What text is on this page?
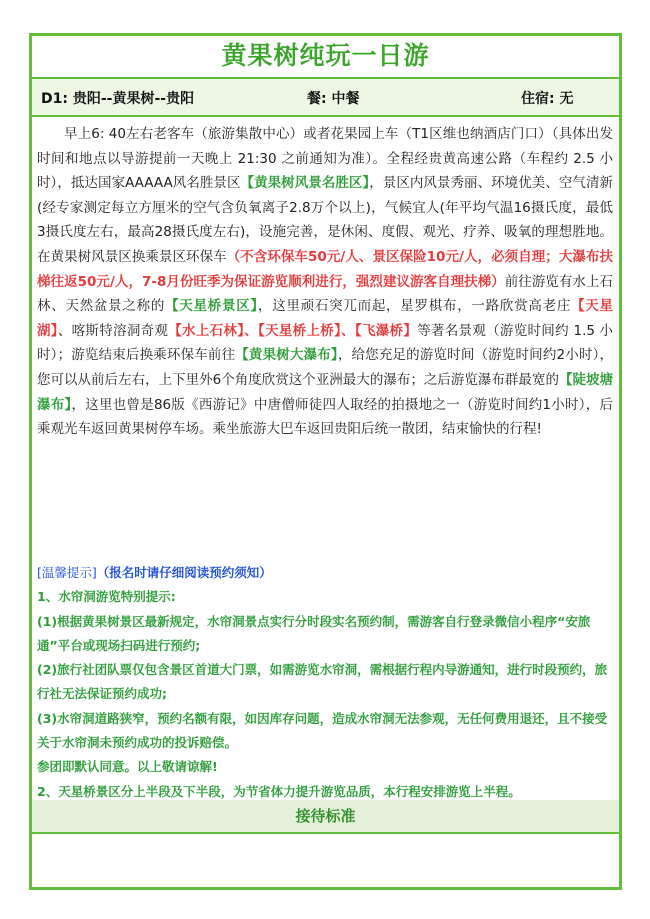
黄果树纯玩一日游
D1: 贵阳--黄果树--贵阳	餐: 中餐	住宿: 无

早上6: 40左右老客车（旅游集散中心）或者花果园上车（T1区维也纳酒店门口）（具体出发时间和地点以导游提前一天晚上 21:30 之前通知为准）。全程经贵黄高速公路（车程约 2.5 小时），抵达国家AAAAA风名胜景区【黄果树风景名胜区】，景区内风景秀丽、环境优美、空气清新(经专家测定每立方厘米的空气含负氧离子2.8万个以上)，气候宜人(年平均气温16摄氏度，最低3摄氏度左右，最高28摄氏度左右)，设施完善，是休闲、度假、观光、疗养、吸氧的理想胜地。在黄果树风景区换乘景区环保车（不含环保车50元/人、景区保险10元/人，必须自理；大瀑布扶梯往返50元/人，7-8月份旺季为保证游览顺利进行，强烈建议游客自理扶梯）前往游览有水上石林、天然盆景之称的【天星桥景区】，这里顽石突兀而起，星罗棋布，一路欣赏高老庄【天星湖】、喀斯特溶洞奇观【水上石林】、【天星桥上桥】、【飞瀑桥】等著名景观（游览时间约 1.5 小时）；游览结束后换乘环保车前往【黄果树大瀑布】，给您充足的游览时间（游览时间约2小时），您可以从前后左右，上下里外6个角度欣赏这个亚洲最大的瀑布；之后游览瀑布群最宽的【陡坡塘瀑布】，这里也曾是86版《西游记》中唐僧师徒四人取经的拍摄地之一（游览时间约1小时），后乘观光车返回黄果树停车场。乘坐旅游大巴车返回贵阳后统一散团，结束愉快的行程!

[温馨提示]（报名时请仔细阅读预约须知）
1、水帘洞游览特别提示:
(1)根据黄果树景区最新规定，水帘洞景点实行分时段实名预约制，需游客自行登录微信小程序“安旅通”平台或现场扫码进行预约;
(2)旅行社团队票仅包含景区首道大门票，如需游览水帘洞，需根据行程内导游通知，进行时段预约，旅行社无法保证预约成功;
(3)水帘洞道路狭窄，预约名额有限，如因库存问题，造成水帘洞无法参观，无任何费用退还，且不接受关于水帘洞未预约成功的投诉赔偿。
参团即默认同意。以上敬请谅解!
2、天星桥景区分上半段及下半段，为节省体力提升游览品质，本行程安排游览上半程。
接待标准
